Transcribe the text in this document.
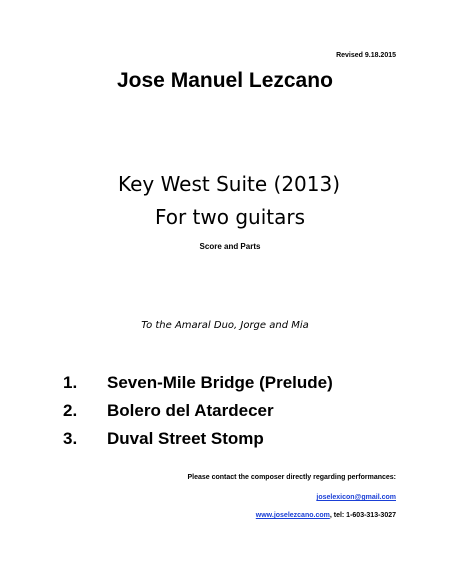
Revised 9.18.2015
Jose Manuel Lezcano
Key West Suite (2013)
For two guitars
Score and Parts
To the Amaral Duo, Jorge and Mia
1. Seven-Mile Bridge (Prelude)
2. Bolero del Atardecer
3. Duval Street Stomp
Please contact the composer directly regarding performances:
joselexicon@gmail.com
www.joselezcano.com, tel: 1-603-313-3027
